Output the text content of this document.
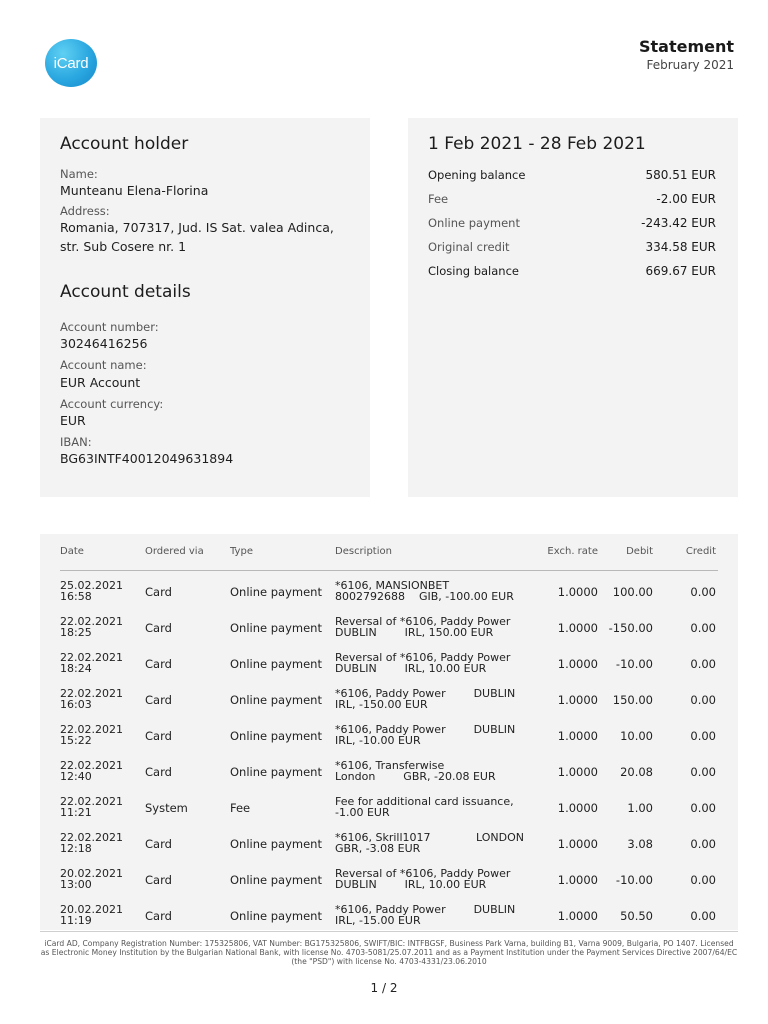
iCard
Statement
February 2021
Account holder
Name:
Munteanu Elena-Florina
Address:
Romania, 707317, Jud. IS Sat. valea Adinca,
str. Sub Cosere nr. 1
Account details
Account number:
30246416256
Account name:
EUR Account
Account currency:
EUR
IBAN:
BG63INTF40012049631894
1 Feb 2021 - 28 Feb 2021
Opening balance	580.51 EUR
Fee	-2.00 EUR
Online payment	-243.42 EUR
Original credit	334.58 EUR
Closing balance	669.67 EUR
Date	Ordered via	Type	Description	Exch. rate	Debit	Credit
25.02.2021
16:58	Card	Online payment *6106, MANSIONBET
8002792688    GIB, -100.00 EUR	1.0000 100.00	0.00
22.02.2021
18:25	Card	Online payment Reversal of *6106, Paddy Power
DUBLIN        IRL, 150.00 EUR	1.0000 -150.00	0.00
22.02.2021
18:24	Card	Online payment Reversal of *6106, Paddy Power
DUBLIN        IRL, 10.00 EUR	1.0000 -10.00	0.00
22.02.2021
16:03	Card	Online payment *6106, Paddy Power        DUBLIN
IRL, -150.00 EUR	1.0000 150.00	0.00
22.02.2021
15:22	Card	Online payment *6106, Paddy Power        DUBLIN
IRL, -10.00 EUR	1.0000 10.00	0.00
22.02.2021
12:40	Card	Online payment *6106, Transferwise
London        GBR, -20.08 EUR	1.0000 20.08	0.00
22.02.2021
11:21	System	Fee	Fee for additional card issuance,
-1.00 EUR	1.0000	1.00	0.00
22.02.2021
12:18	Card	Online payment *6106, Skrill1017             LONDON
GBR, -3.08 EUR	1.0000	3.08	0.00
20.02.2021
13:00	Card	Online payment Reversal of *6106, Paddy Power
DUBLIN        IRL, 10.00 EUR	1.0000 -10.00	0.00
20.02.2021
11:19	Card	Online payment *6106, Paddy Power        DUBLIN
IRL, -15.00 EUR	1.0000 50.50	0.00
iCard AD, Company Registration Number: 175325806, VAT Number: BG175325806, SWIFT/BIC: INTFBGSF, Business Park Varna, building B1, Varna 9009, Bulgaria, PO 1407. Licensed as Electronic Money Institution by the Bulgarian National Bank, with license No. 4703-5081/25.07.2011 and as a Payment Institution under the Payment Services Directive 2007/64/EC (the "PSD") with license No. 4703-4331/23.06.2010
1 / 2
